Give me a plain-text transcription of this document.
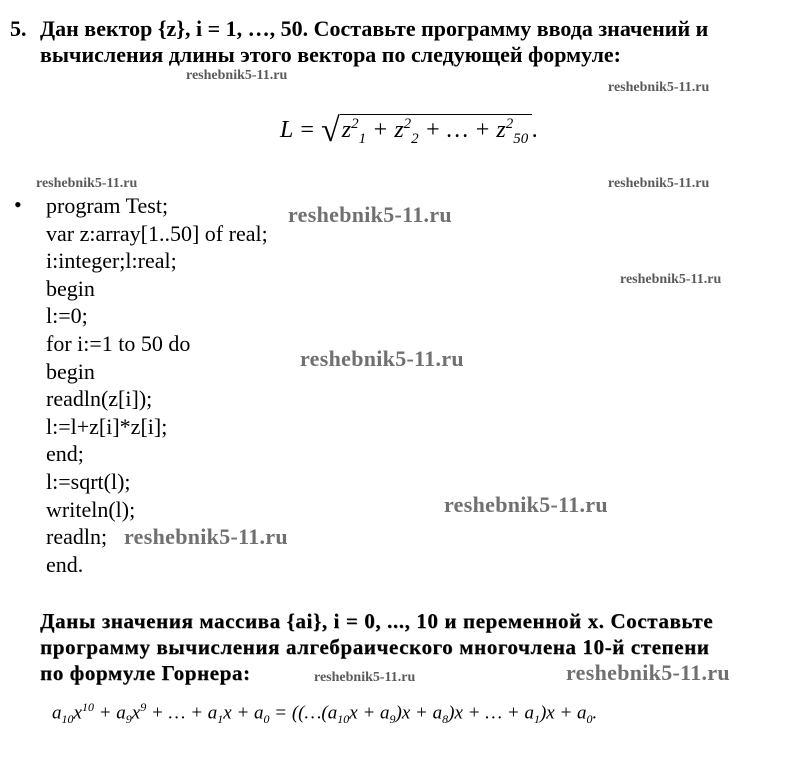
5. Дан вектор {z}, i = 1, …, 50. Составьте программу ввода значений и
вычисления длины этого вектора по следующей формуле:
$L = √z^2_1 + z^2_2$ + … + $z^2_{50}$ .
• program Test;
var z:array[1..50] of real;
i:integer;l:real;
begin
l:=0;
for i:=1 to 50 do
begin
readln(z[i]);
l:=l+z[i]*z[i];
end;
l:=sqrt(l);
writeln(l);
readln;
end.
Даны значения массива {ai}, i = 0, ..., 10 и переменной x. Составьте
программу вычисления алгебраического многочлена 10-й степени
по формуле Горнера:
$a_{10}x^{10} + a_9x^9$ + … + $a_1x + a_0$ = ($(\dots(a_{10}x + a_9)x + a_8)x$ + … + $a_1)x + a_0$.
reshebnik5-11.ru
reshebnik5-11.ru
reshebnik5-11.ru	reshebnik5-11.ru
reshebnik5-11.ru
reshebnik5-11.ru
reshebnik5-11.ru
reshebnik5-11.ru
reshebnik5-11.ru
reshebnik5-11.ru	reshebnik5-11.ru
